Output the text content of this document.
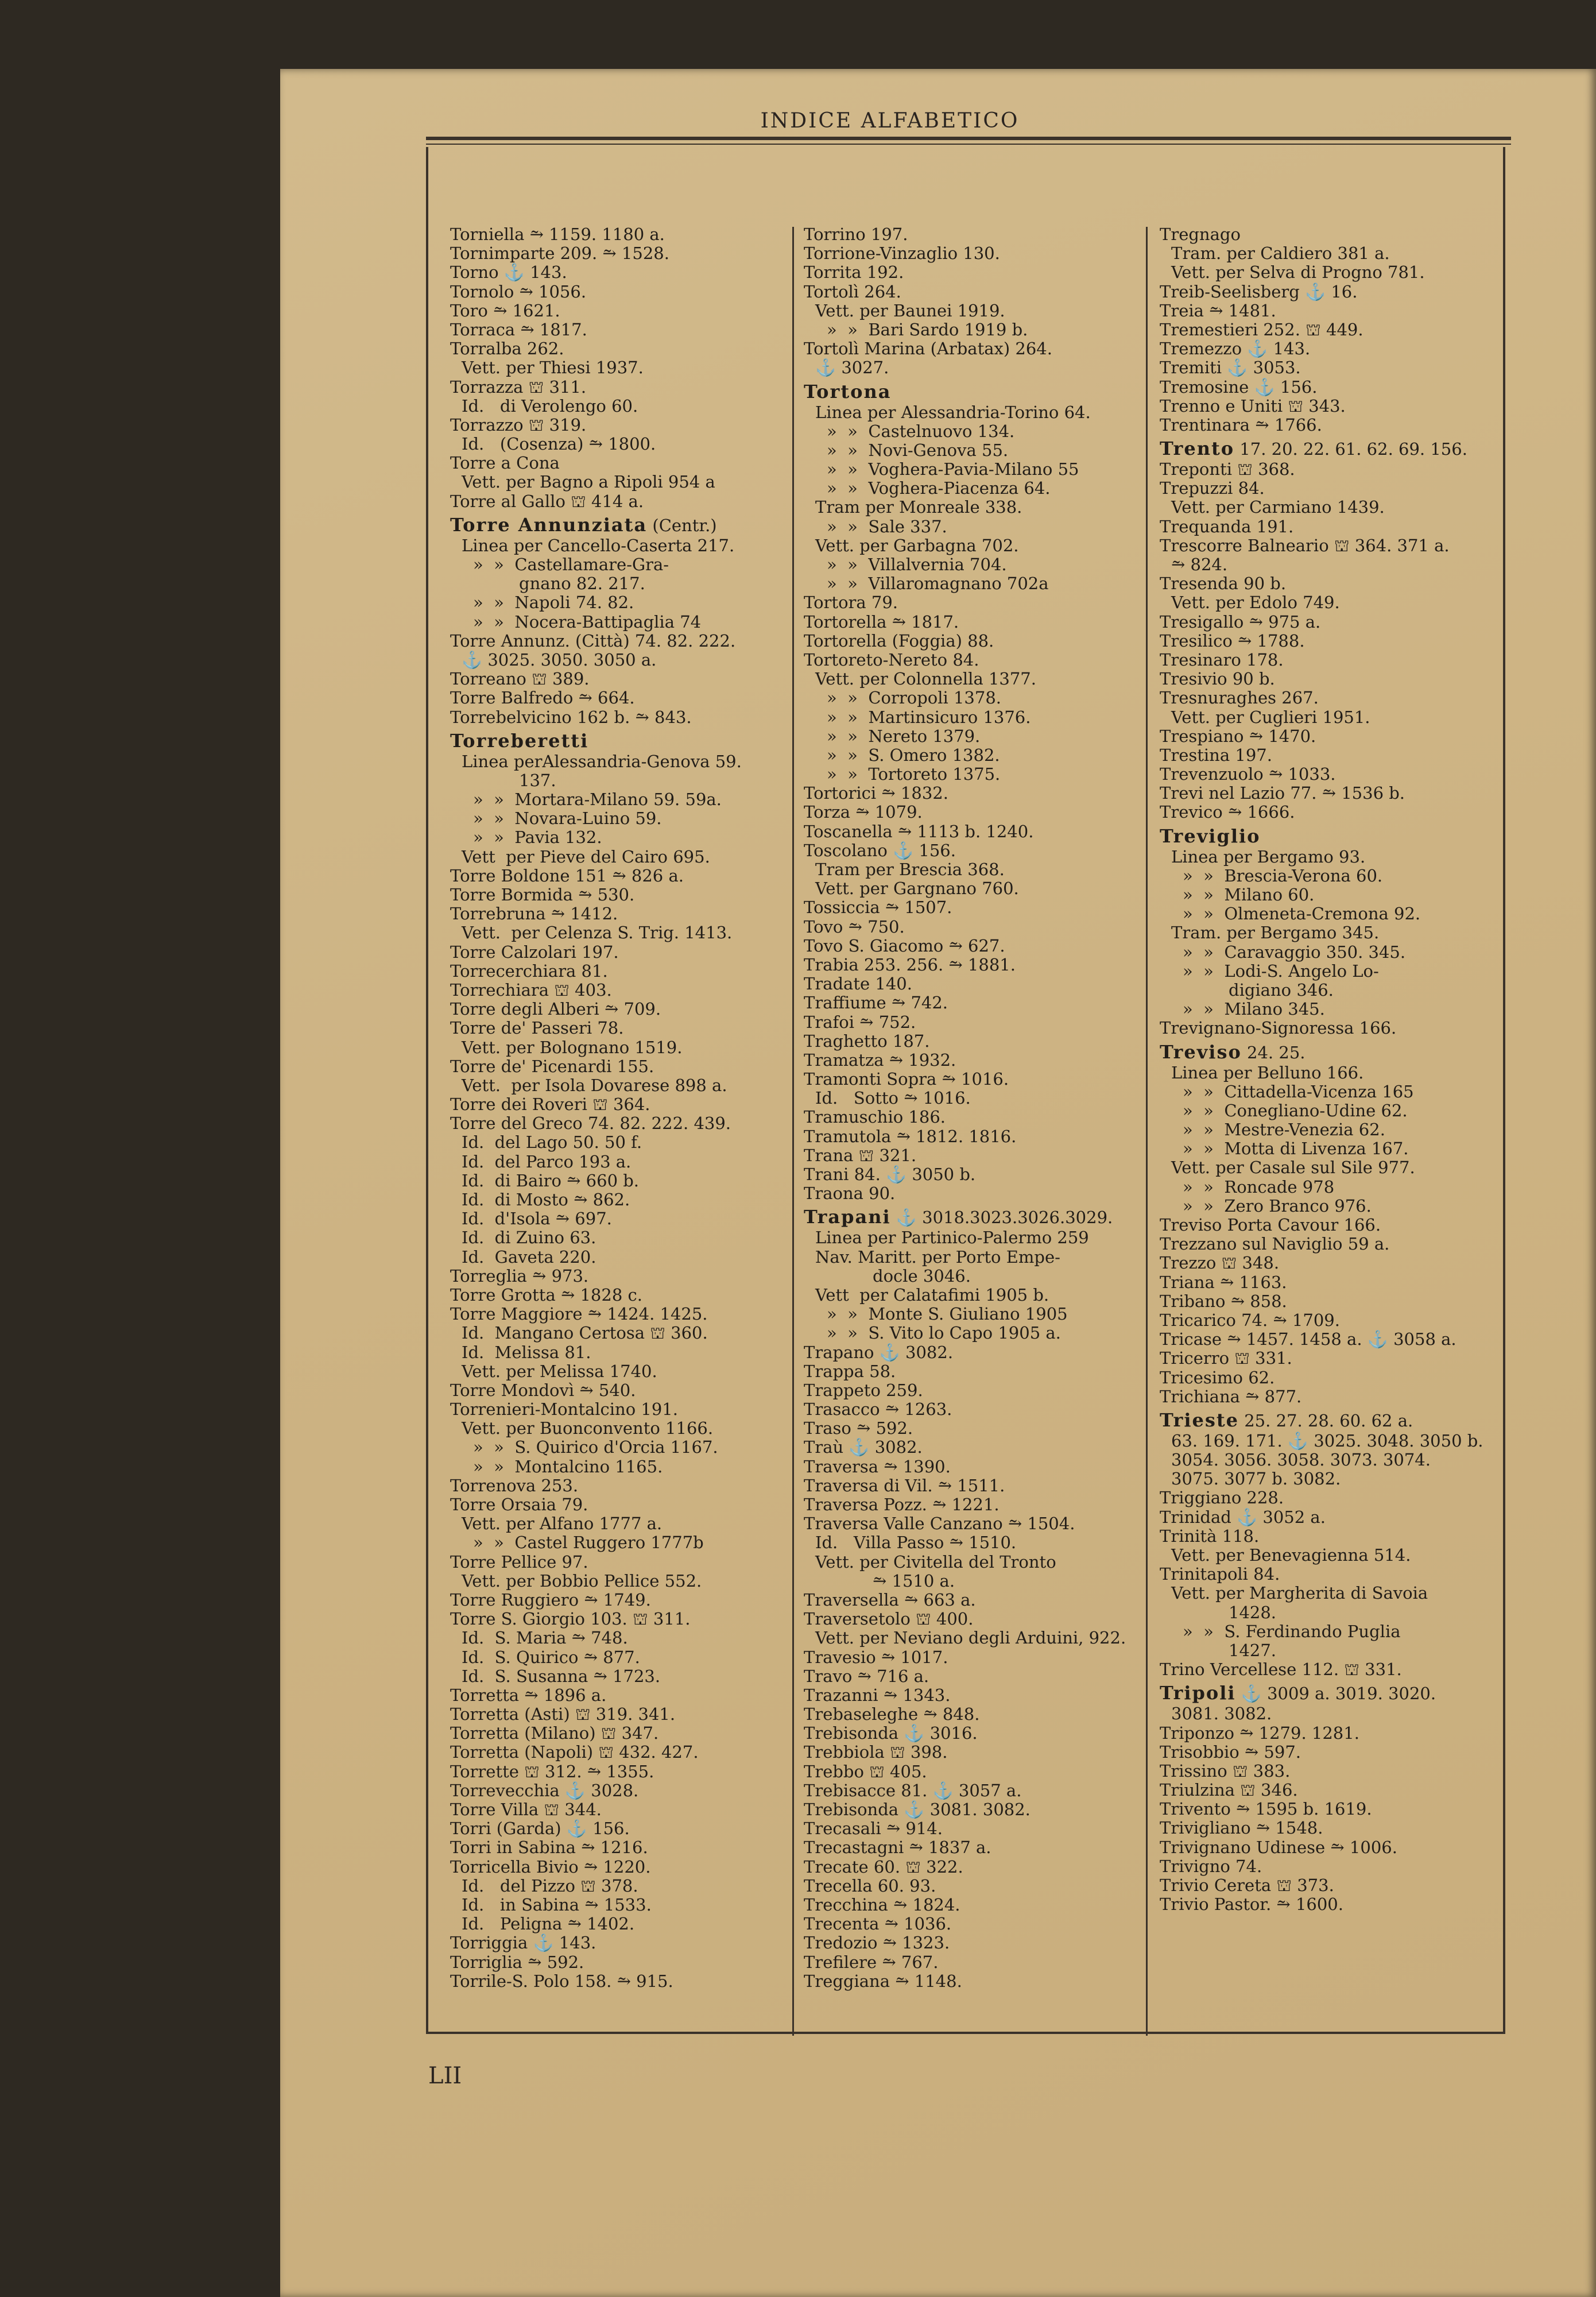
INDICE ALFABETICO
Torniella ⥲ 1159. 1180 a.
Tornimparte 209. ⥲ 1528.
Torno ⚓ 143.
Tornolo ⥲ 1056.
Toro ⥲ 1621.
Torraca ⥲ 1817.
Torralba 262.
Vett. per Thiesi 1937.
Torrazza ⛫ 311.
Id.   di Verolengo 60.
Torrazzo ⛫ 319.
Id.   (Cosenza) ⥲ 1800.
Torre a Cona
Vett. per Bagno a Ripoli 954 a
Torre al Gallo ⛫ 414 a.
Torre Annunziata (Centr.)
Linea per Cancello-Caserta 217.
»  »  Castellamare-Gra-
gnano 82. 217.
»  »  Napoli 74. 82.
»  »  Nocera-Battipaglia 74
Torre Annunz. (Città) 74. 82. 222.
⚓ 3025. 3050. 3050 a.
Torreano ⛫ 389.
Torre Balfredo ⥲ 664.
Torrebelvicino 162 b. ⥲ 843.
Torreberetti
Linea perAlessandria-Genova 59.
137.
»  »  Mortara-Milano 59. 59a.
»  »  Novara-Luino 59.
»  »  Pavia 132.
Vett  per Pieve del Cairo 695.
Torre Boldone 151 ⥲ 826 a.
Torre Bormida ⥲ 530.
Torrebruna ⥲ 1412.
Vett.  per Celenza S. Trig. 1413.
Torre Calzolari 197.
Torrecerchiara 81.
Torrechiara ⛫ 403.
Torre degli Alberi ⥲ 709.
Torre de' Passeri 78.
Vett. per Bolognano 1519.
Torre de' Picenardi 155.
Vett.  per Isola Dovarese 898 a.
Torre dei Roveri ⛫ 364.
Torre del Greco 74. 82. 222. 439.
Id.  del Lago 50. 50 f.
Id.  del Parco 193 a.
Id.  di Bairo ⥲ 660 b.
Id.  di Mosto ⥲ 862.
Id.  d'Isola ⥲ 697.
Id.  di Zuino 63.
Id.  Gaveta 220.
Torreglia ⥲ 973.
Torre Grotta ⥲ 1828 c.
Torre Maggiore ⥲ 1424. 1425.
Id.  Mangano Certosa ⛫ 360.
Id.  Melissa 81.
Vett. per Melissa 1740.
Torre Mondovì ⥲ 540.
Torrenieri-Montalcino 191.
Vett. per Buonconvento 1166.
»  »  S. Quirico d'Orcia 1167.
»  »  Montalcino 1165.
Torrenova 253.
Torre Orsaia 79.
Vett. per Alfano 1777 a.
»  »  Castel Ruggero 1777b
Torre Pellice 97.
Vett. per Bobbio Pellice 552.
Torre Ruggiero ⥲ 1749.
Torre S. Giorgio 103. ⛫ 311.
Id.  S. Maria ⥲ 748.
Id.  S. Quirico ⥲ 877.
Id.  S. Susanna ⥲ 1723.
Torretta ⥲ 1896 a.
Torretta (Asti) ⛫ 319. 341.
Torretta (Milano) ⛫ 347.
Torretta (Napoli) ⛫ 432. 427.
Torrette ⛫ 312. ⥲ 1355.
Torrevecchia ⚓ 3028.
Torre Villa ⛫ 344.
Torri (Garda) ⚓ 156.
Torri in Sabina ⥲ 1216.
Torricella Bivio ⥲ 1220.
Id.   del Pizzo ⛫ 378.
Id.   in Sabina ⥲ 1533.
Id.   Peligna ⥲ 1402.
Torriggia ⚓ 143.
Torriglia ⥲ 592.
Torrile-S. Polo 158. ⥲ 915.
Torrino 197.
Torrione-Vinzaglio 130.
Torrita 192.
Tortolì 264.
Vett. per Baunei 1919.
»  »  Bari Sardo 1919 b.
Tortolì Marina (Arbatax) 264.
⚓ 3027.
Tortona
Linea per Alessandria-Torino 64.
»  »  Castelnuovo 134.
»  »  Novi-Genova 55.
»  »  Voghera-Pavia-Milano 55
»  »  Voghera-Piacenza 64.
Tram per Monreale 338.
»  »  Sale 337.
Vett. per Garbagna 702.
»  »  Villalvernia 704.
»  »  Villaromagnano 702a
Tortora 79.
Tortorella ⥲ 1817.
Tortorella (Foggia) 88.
Tortoreto-Nereto 84.
Vett. per Colonnella 1377.
»  »  Corropoli 1378.
»  »  Martinsicuro 1376.
»  »  Nereto 1379.
»  »  S. Omero 1382.
»  »  Tortoreto 1375.
Tortorici ⥲ 1832.
Torza ⥲ 1079.
Toscanella ⥲ 1113 b. 1240.
Toscolano ⚓ 156.
Tram per Brescia 368.
Vett. per Gargnano 760.
Tossiccia ⥲ 1507.
Tovo ⥲ 750.
Tovo S. Giacomo ⥲ 627.
Trabia 253. 256. ⥲ 1881.
Tradate 140.
Traffiume ⥲ 742.
Trafoi ⥲ 752.
Traghetto 187.
Tramatza ⥲ 1932.
Tramonti Sopra ⥲ 1016.
Id.   Sotto ⥲ 1016.
Tramuschio 186.
Tramutola ⥲ 1812. 1816.
Trana ⛫ 321.
Trani 84. ⚓ 3050 b.
Traona 90.
Trapani ⚓ 3018.3023.3026.3029.
Linea per Partinico-Palermo 259
Nav. Maritt. per Porto Empe-
docle 3046.
Vett  per Calatafimi 1905 b.
»  »  Monte S. Giuliano 1905
»  »  S. Vito lo Capo 1905 a.
Trapano ⚓ 3082.
Trappa 58.
Trappeto 259.
Trasacco ⥲ 1263.
Traso ⥲ 592.
Traù ⚓ 3082.
Traversa ⥲ 1390.
Traversa di Vil. ⥲ 1511.
Traversa Pozz. ⥲ 1221.
Traversa Valle Canzano ⥲ 1504.
Id.   Villa Passo ⥲ 1510.
Vett. per Civitella del Tronto
⥲ 1510 a.
Traversella ⥲ 663 a.
Traversetolo ⛫ 400.
Vett. per Neviano degli Arduini, 922.
Travesio ⥲ 1017.
Travo ⥲ 716 a.
Trazanni ⥲ 1343.
Trebaseleghe ⥲ 848.
Trebisonda ⚓ 3016.
Trebbiola ⛫ 398.
Trebbo ⛫ 405.
Trebisacce 81. ⚓ 3057 a.
Trebisonda ⚓ 3081. 3082.
Trecasali ⥲ 914.
Trecastagni ⥲ 1837 a.
Trecate 60. ⛫ 322.
Trecella 60. 93.
Trecchina ⥲ 1824.
Trecenta ⥲ 1036.
Tredozio ⥲ 1323.
Trefilere ⥲ 767.
Treggiana ⥲ 1148.
Tregnago
Tram. per Caldiero 381 a.
Vett. per Selva di Progno 781.
Treib-Seelisberg ⚓ 16.
Treia ⥲ 1481.
Tremestieri 252. ⛫ 449.
Tremezzo ⚓ 143.
Tremiti ⚓ 3053.
Tremosine ⚓ 156.
Trenno e Uniti ⛫ 343.
Trentinara ⥲ 1766.
Trento 17. 20. 22. 61. 62. 69. 156.
Treponti ⛫ 368.
Trepuzzi 84.
Vett. per Carmiano 1439.
Trequanda 191.
Trescorre Balneario ⛫ 364. 371 a.
⥲ 824.
Tresenda 90 b.
Vett. per Edolo 749.
Tresigallo ⥲ 975 a.
Tresilico ⥲ 1788.
Tresinaro 178.
Tresivio 90 b.
Tresnuraghes 267.
Vett. per Cuglieri 1951.
Trespiano ⥲ 1470.
Trestina 197.
Trevenzuolo ⥲ 1033.
Trevi nel Lazio 77. ⥲ 1536 b.
Trevico ⥲ 1666.
Treviglio
Linea per Bergamo 93.
»  »  Brescia-Verona 60.
»  »  Milano 60.
»  »  Olmeneta-Cremona 92.
Tram. per Bergamo 345.
»  »  Caravaggio 350. 345.
»  »  Lodi-S. Angelo Lo-
digiano 346.
»  »  Milano 345.
Trevignano-Signoressa 166.
Treviso 24. 25.
Linea per Belluno 166.
»  »  Cittadella-Vicenza 165
»  »  Conegliano-Udine 62.
»  »  Mestre-Venezia 62.
»  »  Motta di Livenza 167.
Vett. per Casale sul Sile 977.
»  »  Roncade 978
»  »  Zero Branco 976.
Treviso Porta Cavour 166.
Trezzano sul Naviglio 59 a.
Trezzo ⛫ 348.
Triana ⥲ 1163.
Tribano ⥲ 858.
Tricarico 74. ⥲ 1709.
Tricase ⥲ 1457. 1458 a. ⚓ 3058 a.
Tricerro ⛫ 331.
Tricesimo 62.
Trichiana ⥲ 877.
Trieste 25. 27. 28. 60. 62 a.
63. 169. 171. ⚓ 3025. 3048. 3050 b.
3054. 3056. 3058. 3073. 3074.
3075. 3077 b. 3082.
Triggiano 228.
Trinidad ⚓ 3052 a.
Trinità 118.
Vett. per Benevagienna 514.
Trinitapoli 84.
Vett. per Margherita di Savoia
1428.
»  »  S. Ferdinando Puglia
1427.
Trino Vercellese 112. ⛫ 331.
Tripoli ⚓ 3009 a. 3019. 3020.
3081. 3082.
Triponzo ⥲ 1279. 1281.
Trisobbio ⥲ 597.
Trissino ⛫ 383.
Triulzina ⛫ 346.
Trivento ⥲ 1595 b. 1619.
Trivigliano ⥲ 1548.
Trivignano Udinese ⥲ 1006.
Trivigno 74.
Trivio Cereta ⛫ 373.
Trivio Pastor. ⥲ 1600.
LII
